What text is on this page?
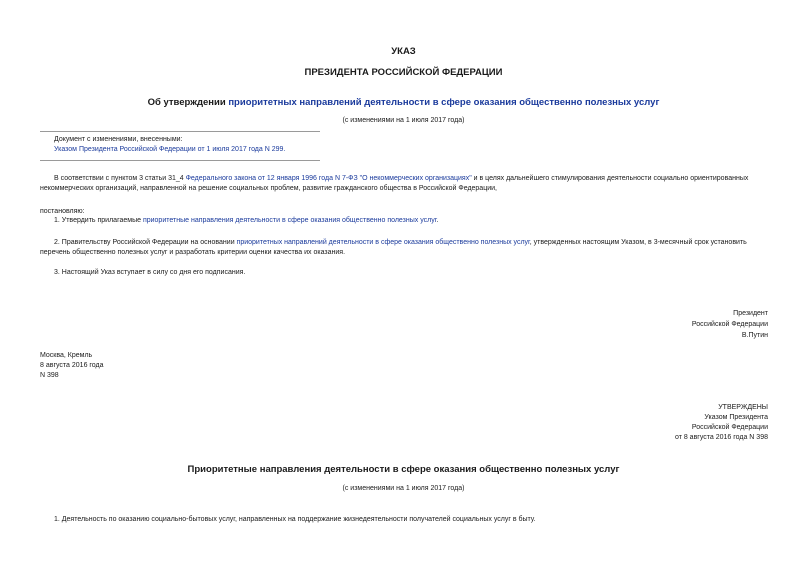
УКАЗ
ПРЕЗИДЕНТА РОССИЙСКОЙ ФЕДЕРАЦИИ
Об утверждении приоритетных направлений деятельности в сфере оказания общественно полезных услуг
(с изменениями на 1 июля 2017 года)
Документ с изменениями, внесенными:
Указом Президента Российской Федерации от 1 июля 2017 года N 299.
В соответствии с пунктом 3 статьи 31_4 Федерального закона от 12 января 1996 года N 7-ФЗ "О некоммерческих организациях" и в целях дальнейшего стимулирования деятельности социально ориентированных
некоммерческих организаций, направленной на решение социальных проблем, развитие гражданского общества в Российской Федерации,
постановляю:
1. Утвердить прилагаемые приоритетные направления деятельности в сфере оказания общественно полезных услуг.
2. Правительству Российской Федерации на основании приоритетных направлений деятельности в сфере оказания общественно полезных услуг, утвержденных настоящим Указом, в 3-месячный срок установить
перечень общественно полезных услуг и разработать критерии оценки качества их оказания.
3. Настоящий Указ вступает в силу со дня его подписания.
Президент
Российской Федерации
В.Путин
Москва, Кремль
8 августа 2016 года
N 398
УТВЕРЖДЕНЫ
Указом Президента
Российской Федерации
от 8 августа 2016 года N 398
Приоритетные направления деятельности в сфере оказания общественно полезных услуг
(с изменениями на 1 июля 2017 года)
1. Деятельность по оказанию социально-бытовых услуг, направленных на поддержание жизнедеятельности получателей социальных услуг в быту.
